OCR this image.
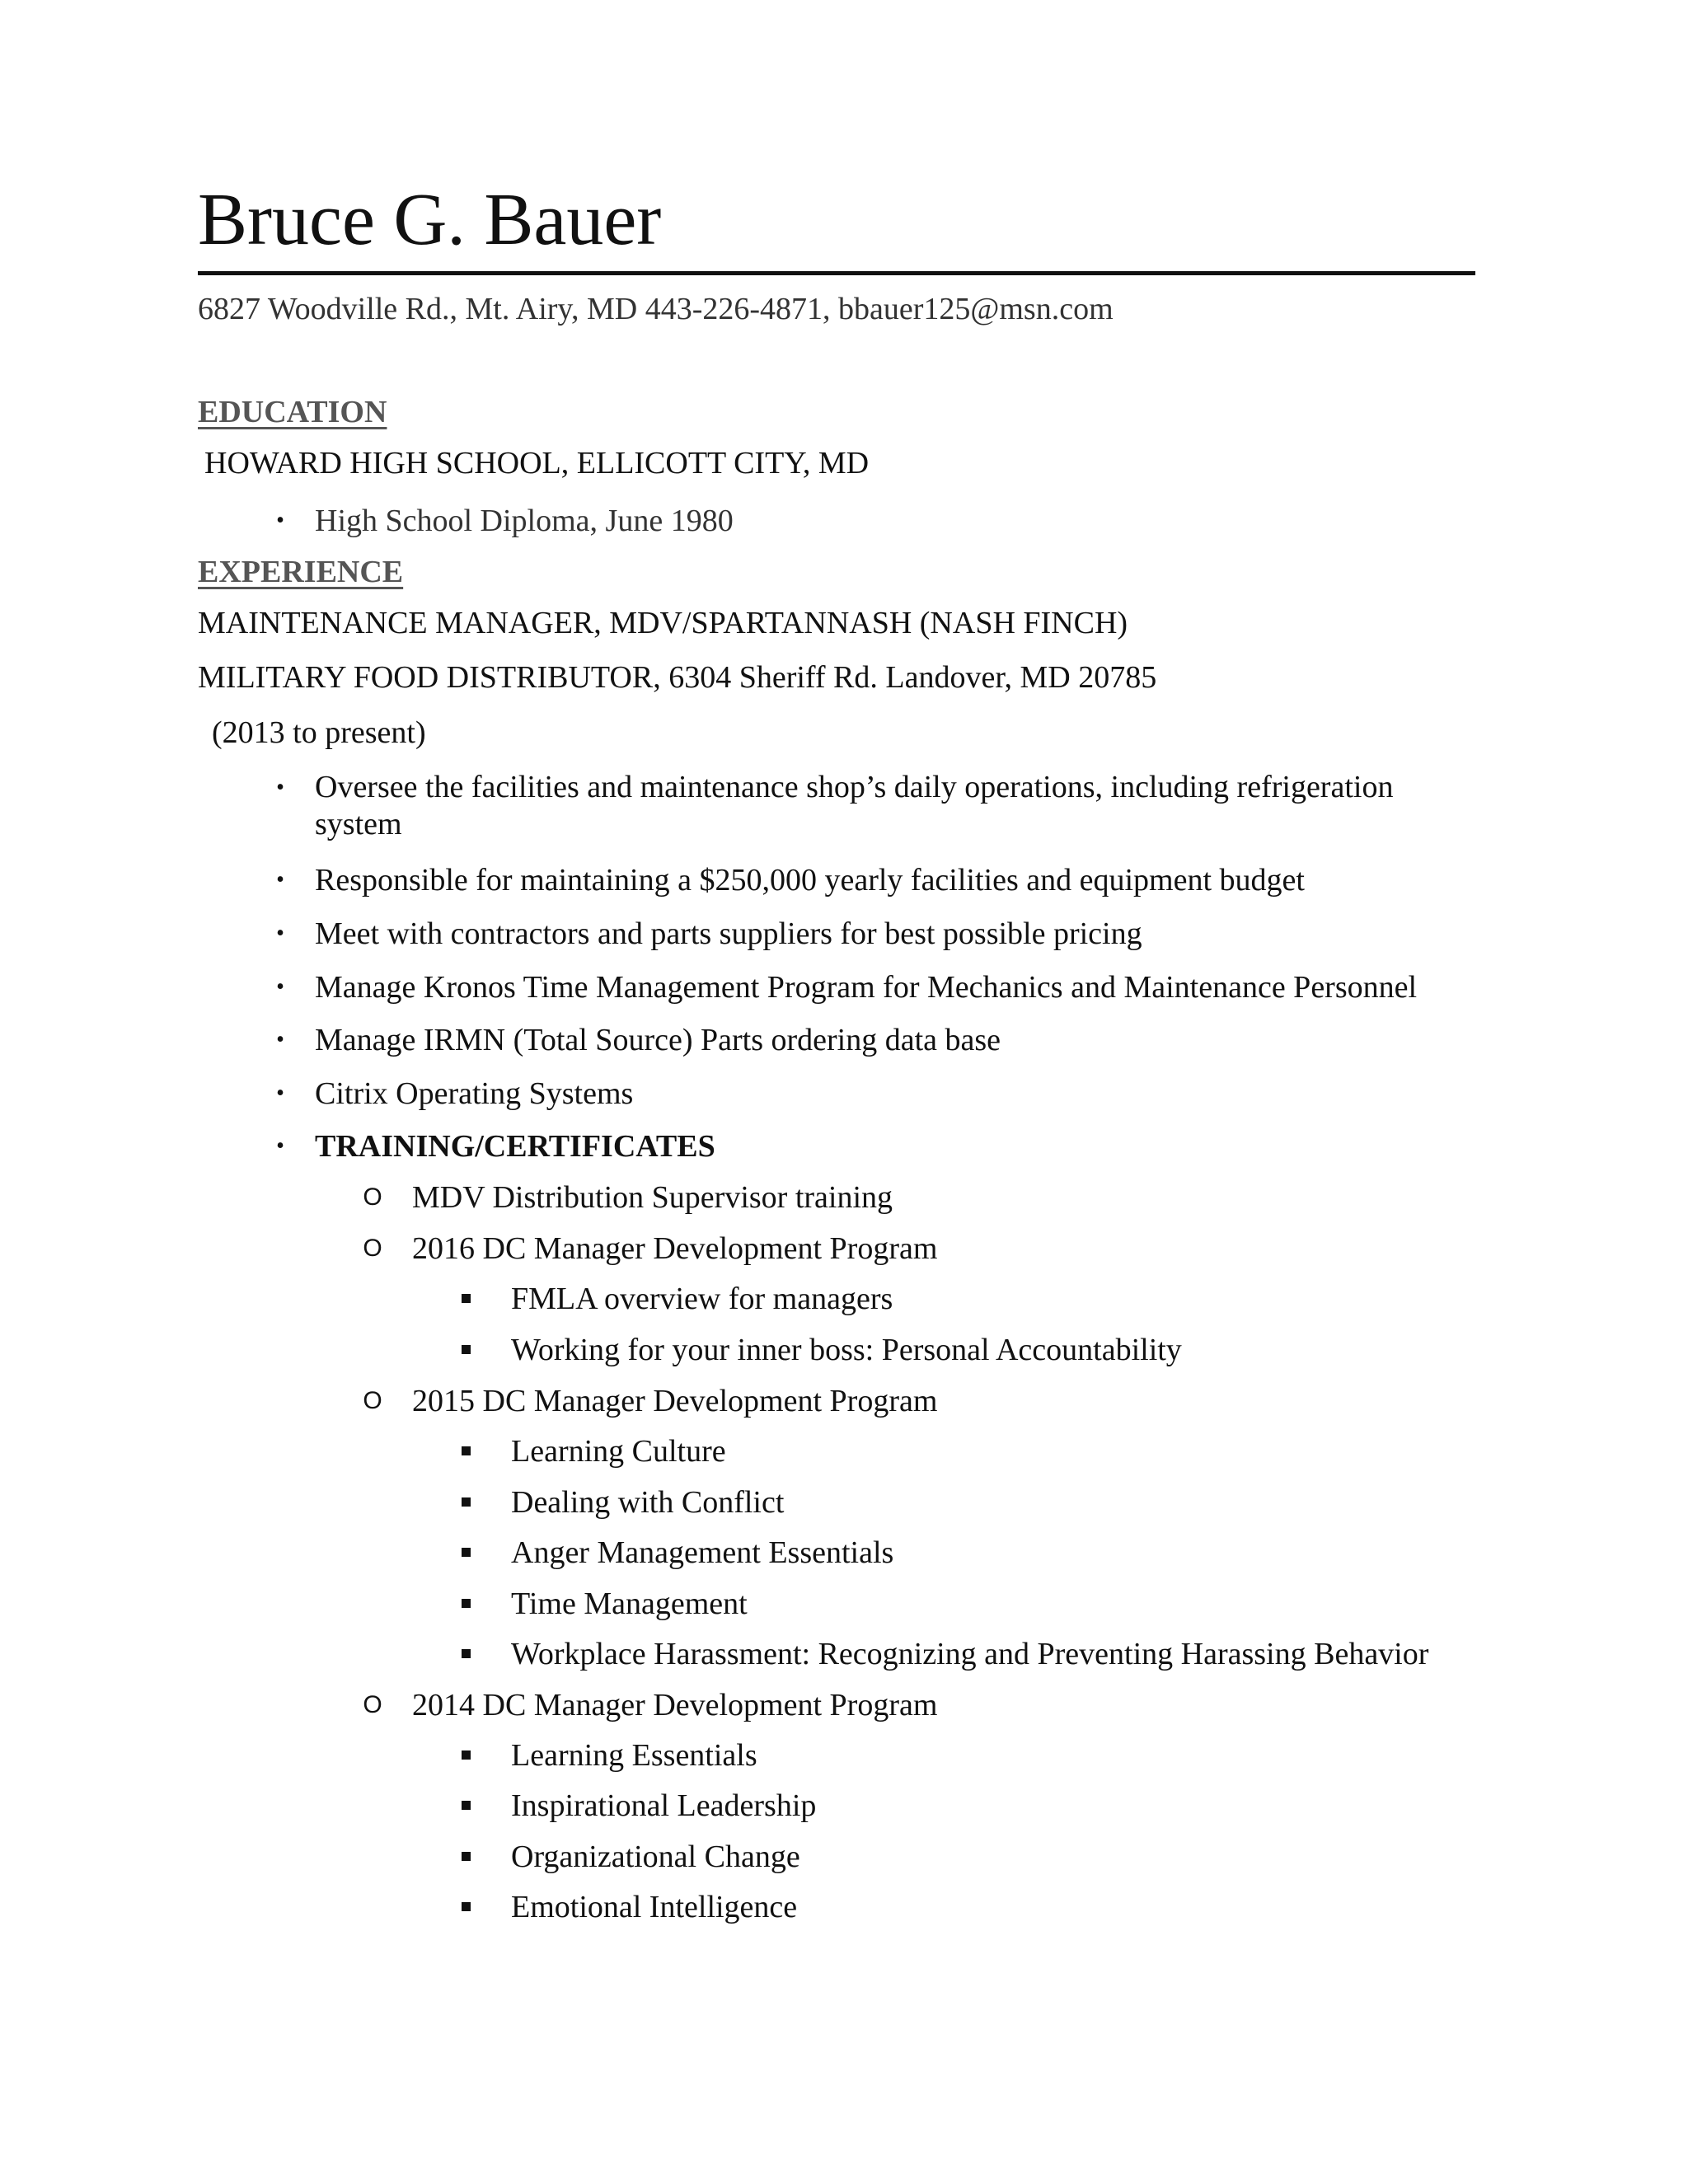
Bruce G. Bauer
6827 Woodville Rd., Mt. Airy, MD 443-226-4871, bbauer125@msn.com
EDUCATION
HOWARD HIGH SCHOOL, ELLICOTT CITY, MD
• High School Diploma, June 1980
EXPERIENCE
MAINTENANCE MANAGER, MDV/SPARTANNASH (NASH FINCH)
MILITARY FOOD DISTRIBUTOR, 6304 Sheriff Rd. Landover, MD 20785
(2013 to present)
• Oversee the facilities and maintenance shop’s daily operations, including refrigeration system
• Responsible for maintaining a $250,000 yearly facilities and equipment budget
• Meet with contractors and parts suppliers for best possible pricing
• Manage Kronos Time Management Program for Mechanics and Maintenance Personnel
• Manage IRMN (Total Source) Parts ordering data base
• Citrix Operating Systems
• TRAINING/CERTIFICATES
O MDV Distribution Supervisor training
O 2016 DC Manager Development Program
FMLA overview for managers
Working for your inner boss: Personal Accountability
O 2015 DC Manager Development Program
Learning Culture
Dealing with Conflict
Anger Management Essentials
Time Management
Workplace Harassment: Recognizing and Preventing Harassing Behavior
O 2014 DC Manager Development Program
Learning Essentials
Inspirational Leadership
Organizational Change
Emotional Intelligence
